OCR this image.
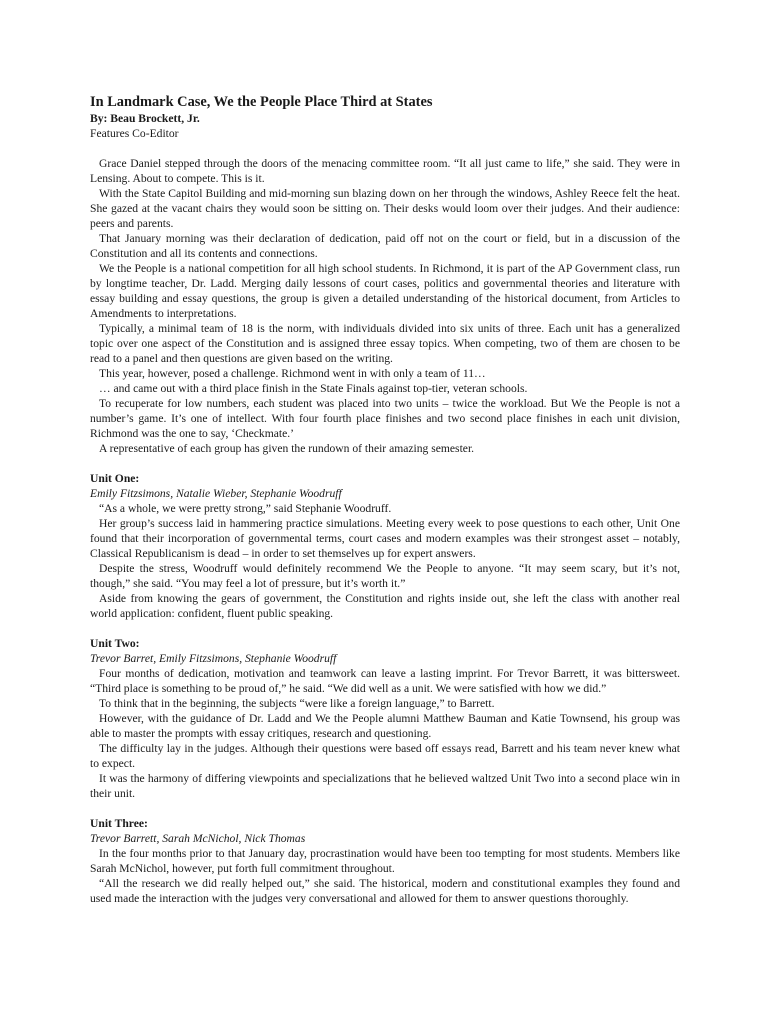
In Landmark Case, We the People Place Third at States

By: Beau Brockett, Jr.

Features Co-Editor

Grace Daniel stepped through the doors of the menacing committee room. “It all just came to life,” she said. They were in Lensing. About to compete. This is it.

With the State Capitol Building and mid-morning sun blazing down on her through the windows, Ashley Reece felt the heat. She gazed at the vacant chairs they would soon be sitting on. Their desks would loom over their judges. And their audience: peers and parents.

That January morning was their declaration of dedication, paid off not on the court or field, but in a discussion of the Constitution and all its contents and connections.

We the People is a national competition for all high school students. In Richmond, it is part of the AP Government class, run by longtime teacher, Dr. Ladd. Merging daily lessons of court cases, politics and governmental theories and literature with essay building and essay questions, the group is given a detailed understanding of the historical document, from Articles to Amendments to interpretations.

Typically, a minimal team of 18 is the norm, with individuals divided into six units of three. Each unit has a generalized topic over one aspect of the Constitution and is assigned three essay topics. When competing, two of them are chosen to be read to a panel and then questions are given based on the writing.

This year, however, posed a challenge. Richmond went in with only a team of 11…

… and came out with a third place finish in the State Finals against top-tier, veteran schools.

To recuperate for low numbers, each student was placed into two units – twice the workload. But We the People is not a number’s game. It’s one of intellect. With four fourth place finishes and two second place finishes in each unit division, Richmond was the one to say, ‘Checkmate.’

A representative of each group has given the rundown of their amazing semester.

Unit One:

Emily Fitzsimons, Natalie Wieber, Stephanie Woodruff

“As a whole, we were pretty strong,” said Stephanie Woodruff.

Her group’s success laid in hammering practice simulations. Meeting every week to pose questions to each other, Unit One found that their incorporation of governmental terms, court cases and modern examples was their strongest asset – notably, Classical Republicanism is dead – in order to set themselves up for expert answers.

Despite the stress, Woodruff would definitely recommend We the People to anyone. “It may seem scary, but it’s not, though,” she said. “You may feel a lot of pressure, but it’s worth it.”

Aside from knowing the gears of government, the Constitution and rights inside out, she left the class with another real world application: confident, fluent public speaking.

Unit Two:

Trevor Barret, Emily Fitzsimons, Stephanie Woodruff

Four months of dedication, motivation and teamwork can leave a lasting imprint. For Trevor Barrett, it was bittersweet. “Third place is something to be proud of,” he said. “We did well as a unit. We were satisfied with how we did.”

To think that in the beginning, the subjects “were like a foreign language,” to Barrett.

However, with the guidance of Dr. Ladd and We the People alumni Matthew Bauman and Katie Townsend, his group was able to master the prompts with essay critiques, research and questioning.

The difficulty lay in the judges. Although their questions were based off essays read, Barrett and his team never knew what to expect.

It was the harmony of differing viewpoints and specializations that he believed waltzed Unit Two into a second place win in their unit.

Unit Three:

Trevor Barrett, Sarah McNichol, Nick Thomas

In the four months prior to that January day, procrastination would have been too tempting for most students. Members like Sarah McNichol, however, put forth full commitment throughout.

“All the research we did really helped out,” she said. The historical, modern and constitutional examples they found and used made the interaction with the judges very conversational and allowed for them to answer questions thoroughly.
